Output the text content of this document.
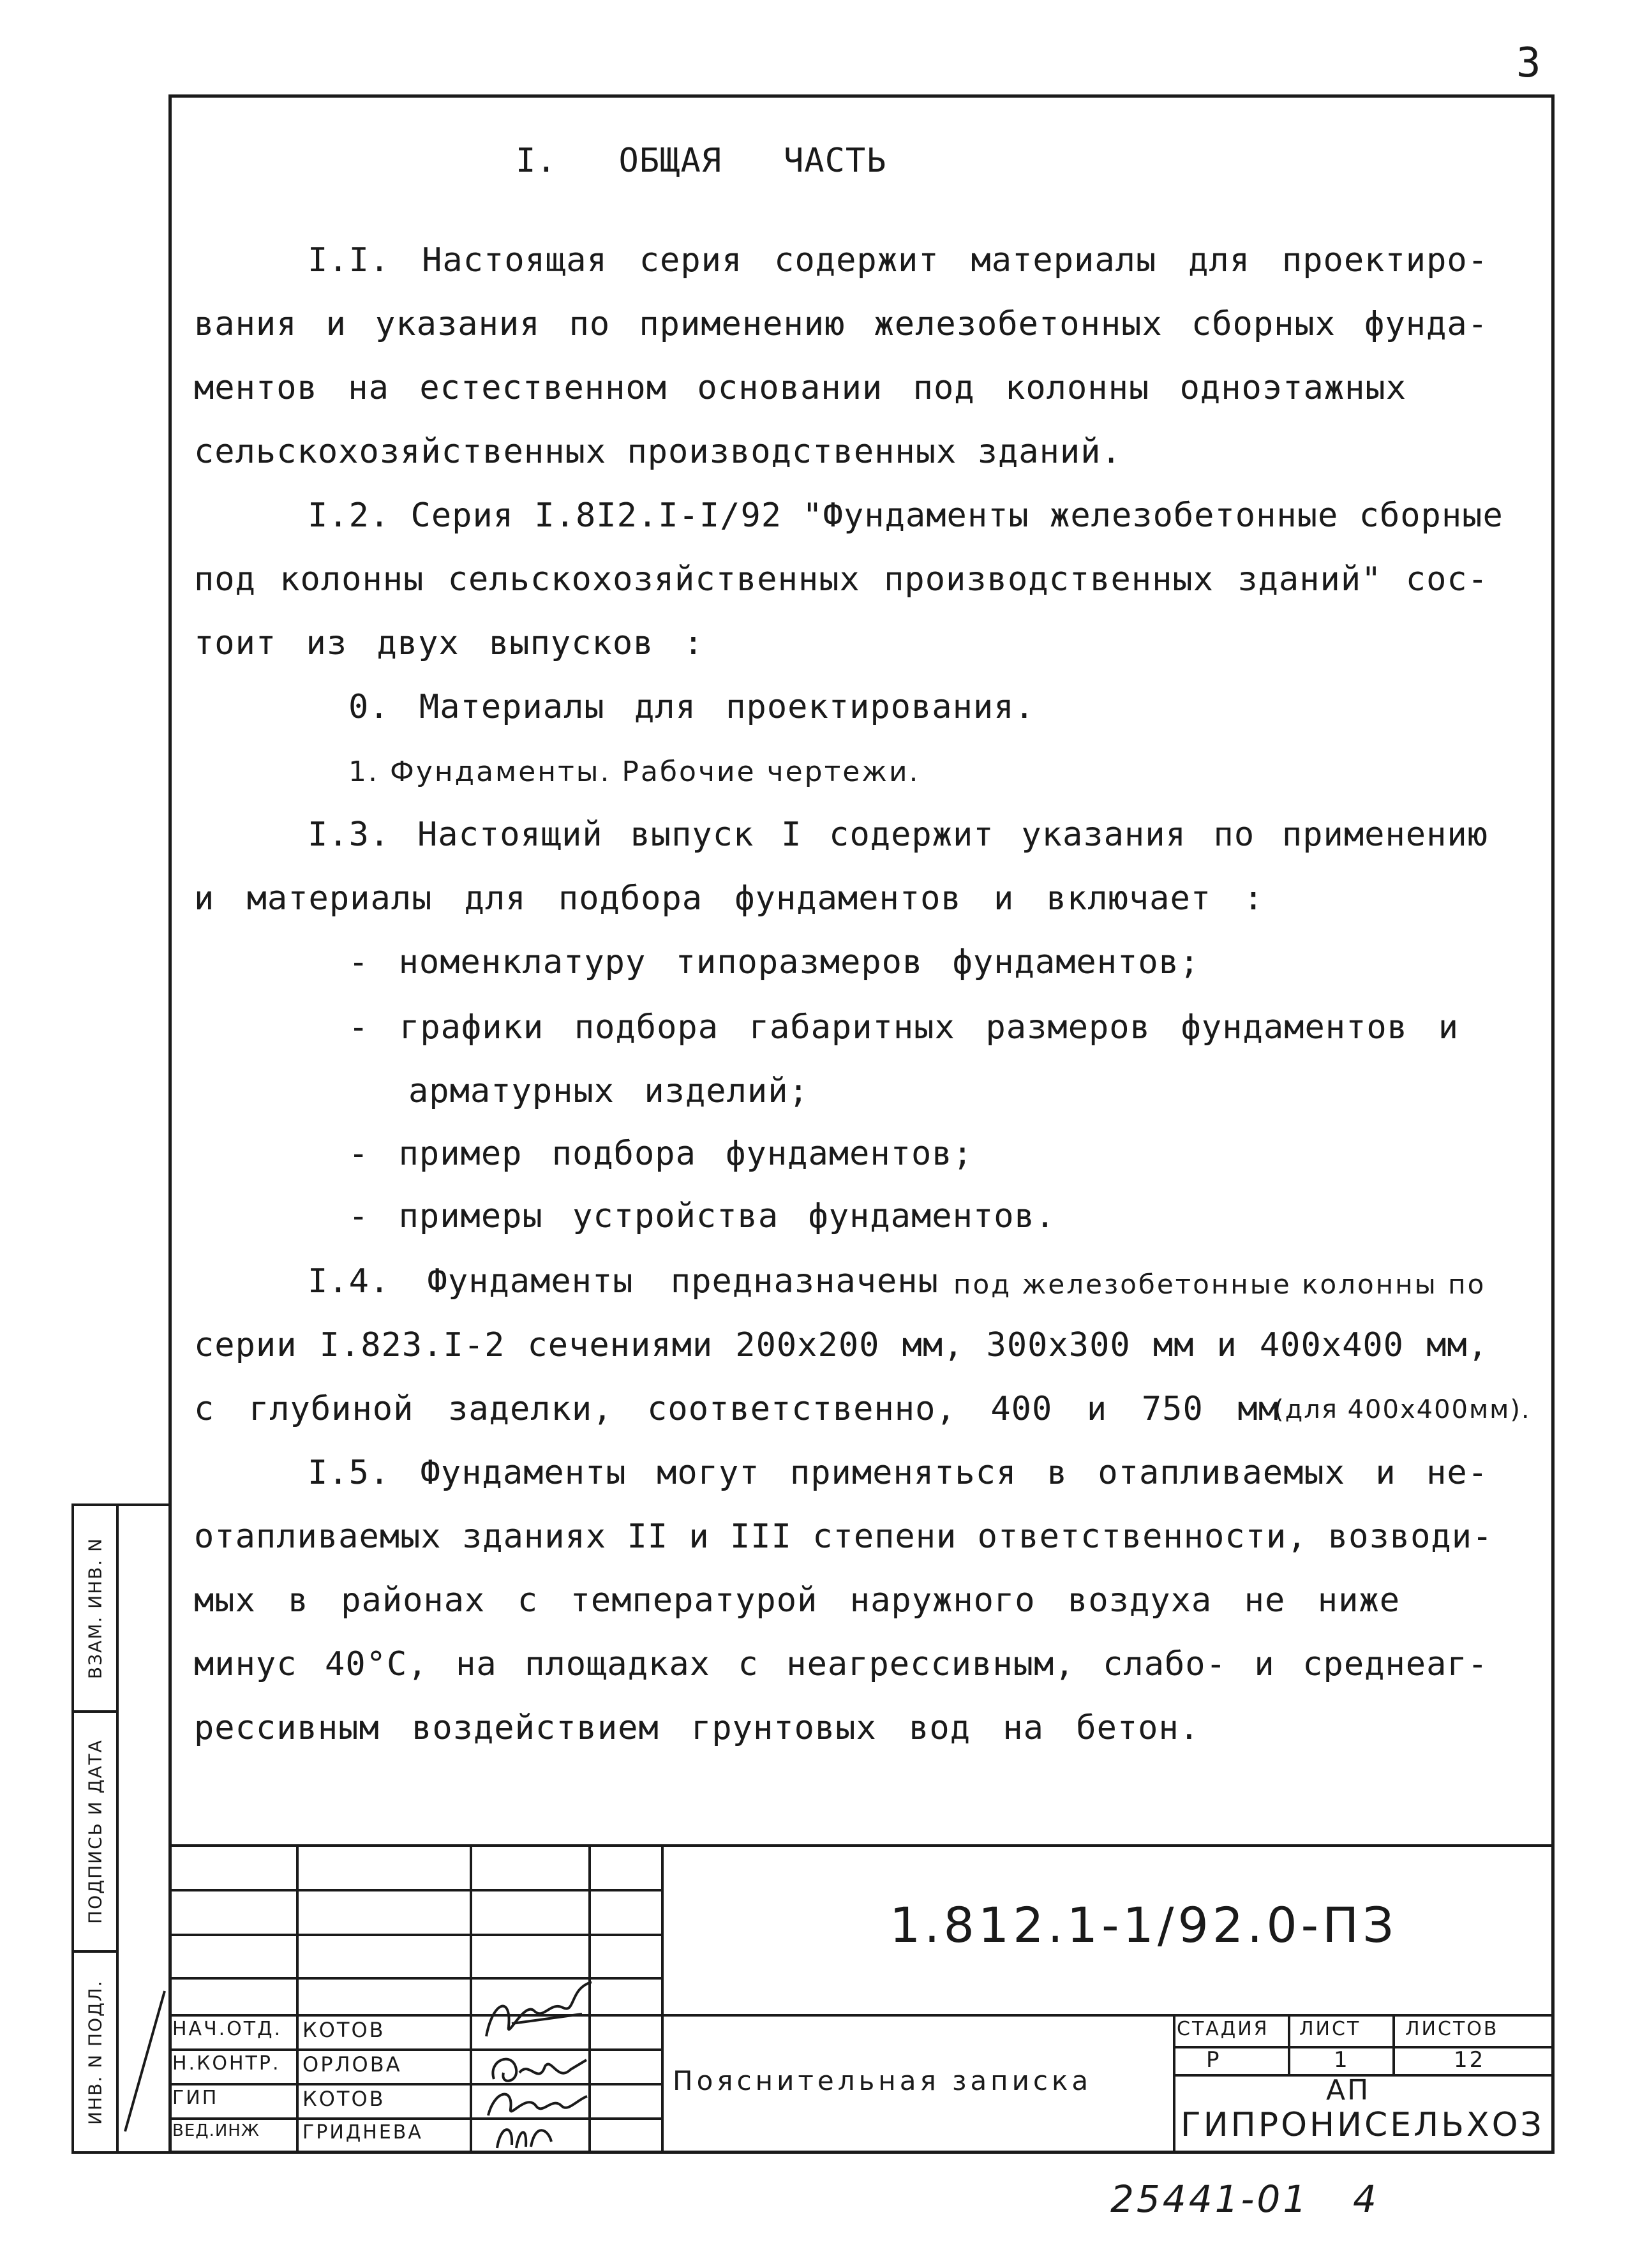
3
I.   ОБЩАЯ   ЧАСТЬ
I.I. Настоящая серия содержит материалы для проектиро-
вания и указания по применению железобетонных сборных фунда-
ментов на естественном основании под колонны одноэтажных
сельскохозяйственных производственных зданий.
I.2. Серия I.8I2.I-I/92 "Фундаменты железобетонные сборные
под колонны сельскохозяйственных производственных зданий" сос-
тоит из двух выпусков :
0. Материалы для проектирования.
1. Фундаменты. Рабочие чертежи.
I.3. Настоящий выпуск I содержит указания по применению
и материалы для подбора фундаментов и включает :
- номенклатуру типоразмеров фундаментов;
- графики подбора габаритных размеров фундаментов и
арматурных изделий;
- пример подбора фундаментов;
- примеры устройства фундаментов.
I.4. Фундаменты предназначены под железобетонные колонны по
серии I.823.I-2 сечениями 200х200 мм, 300х300 мм и 400х400 мм,
с глубиной заделки, соответственно, 400 и 750 мм
(для 400х400мм).
I.5. Фундаменты могут применяться в отапливаемых и не-
отапливаемых зданиях II и III степени ответственности, возводи-
мых в районах с температурой наружного воздуха не ниже
минус 40°С, на площадках с неагрессивным, слабо- и среднеаг-
рессивным воздействием грунтовых вод на бетон.
ВЗАМ. ИНВ. N
ПОДПИСЬ И ДАТА
ИНВ. N ПОДЛ.
1.812.1-1/92.0-ПЗ
Пояснительная записка
СТАДИЯ ЛИСТ ЛИСТОВ
Р	1	12
АП
ГИПРОНИСЕЛЬХОЗ
НАЧ.ОТД. КОТОВ
Н.КОНТР. ОРЛОВА
ГИП	КОТОВ
ВЕД.ИНЖ ГРИДНЕВА
25441-01 4
